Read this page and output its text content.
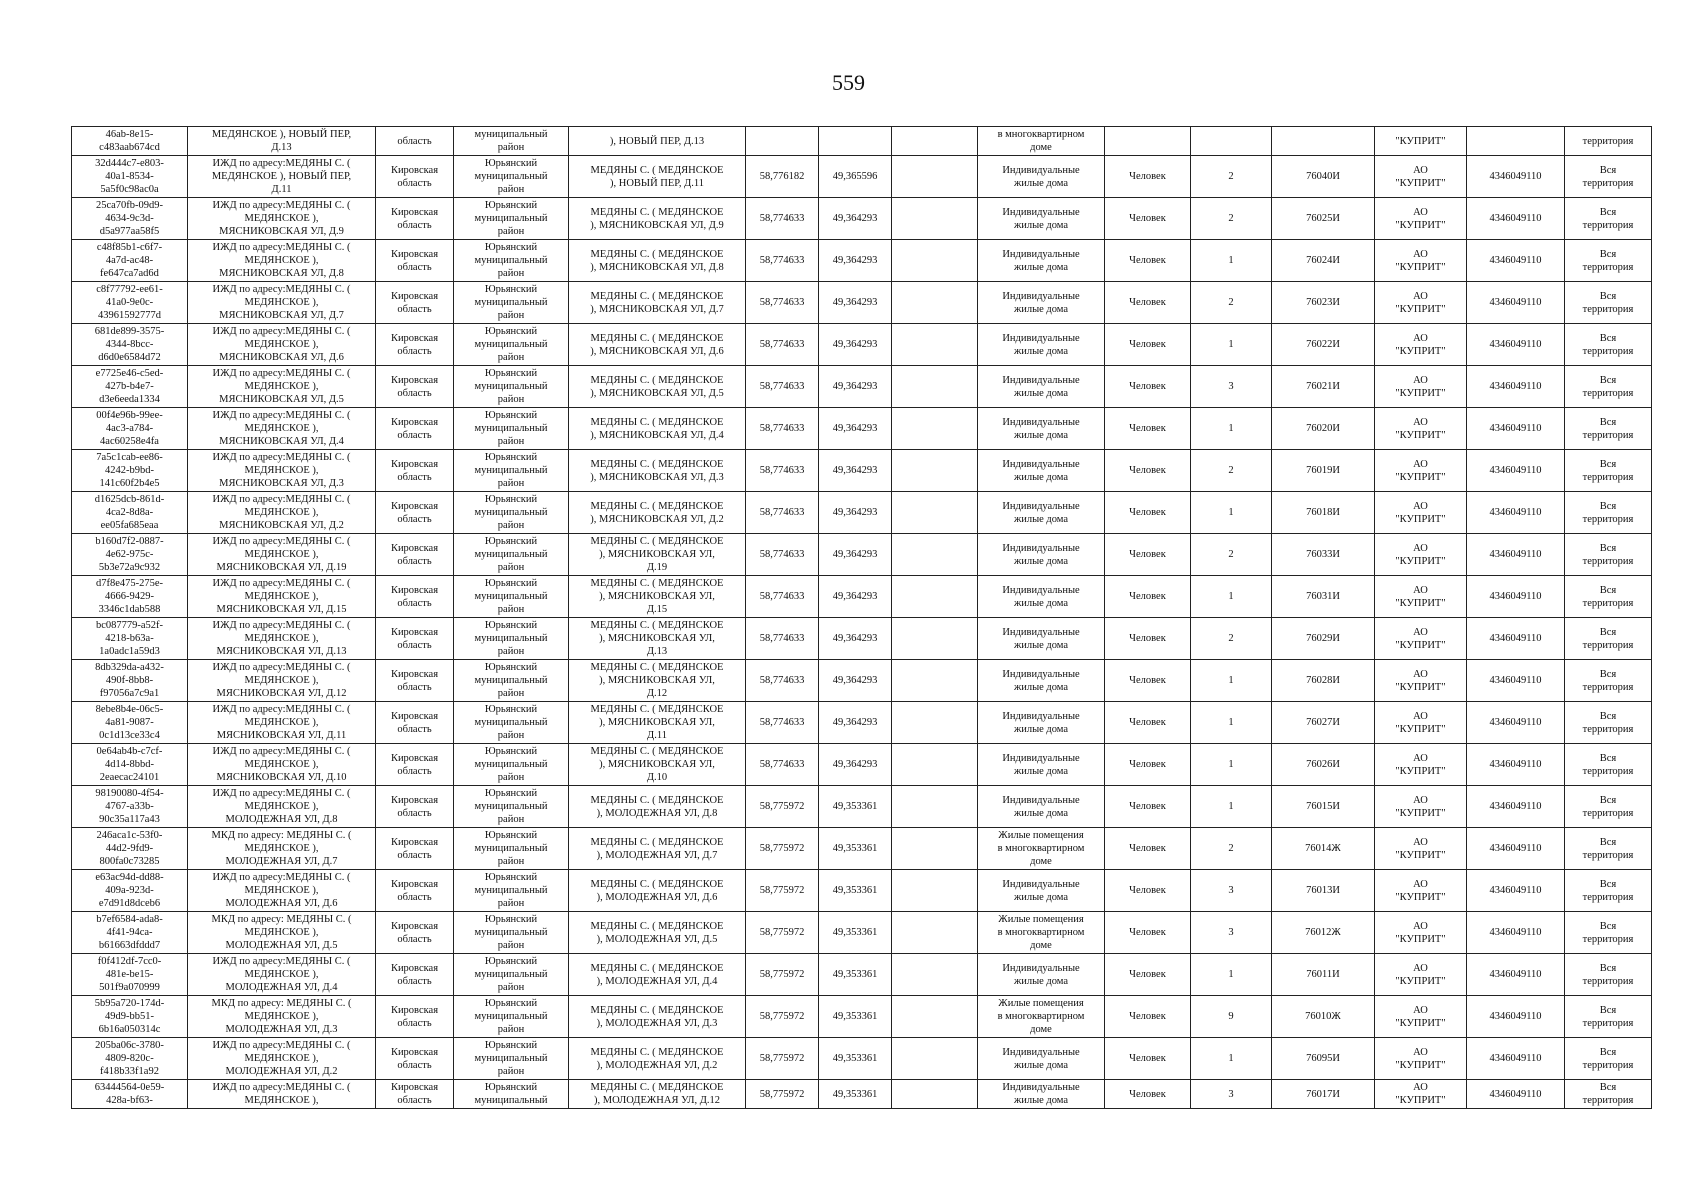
559
46ab-8e15-
c483aab674cd	МЕДЯНСКОЕ ), НОВЫЙ ПЕР,
Д.13	область	муниципальный
район	), НОВЫЙ ПЕР, Д.13				в многоквартирном
доме				"КУПРИТ"		территория
32d444c7-e803-
40a1-8534-
5a5f0c98ac0a	ИЖД по адресу:МЕДЯНЫ С. (
МЕДЯНСКОЕ ), НОВЫЙ ПЕР,
Д.11	Кировская
область	Юрьянский
муниципальный
район	МЕДЯНЫ С. ( МЕДЯНСКОЕ
), НОВЫЙ ПЕР, Д.11	58,776182	49,365596		Индивидуальные
жилые дома	Человек	2	76040И	АО
"КУПРИТ"	4346049110	Вся
территория
25ca70fb-09d9-
4634-9c3d-
d5a977aa58f5	ИЖД по адресу:МЕДЯНЫ С. (
МЕДЯНСКОЕ ),
МЯСНИКОВСКАЯ УЛ, Д.9	Кировская
область	Юрьянский
муниципальный
район	МЕДЯНЫ С. ( МЕДЯНСКОЕ
), МЯСНИКОВСКАЯ УЛ, Д.9	58,774633	49,364293		Индивидуальные
жилые дома	Человек	2	76025И	АО
"КУПРИТ"	4346049110	Вся
территория
c48f85b1-c6f7-
4a7d-ac48-
fe647ca7ad6d	ИЖД по адресу:МЕДЯНЫ С. (
МЕДЯНСКОЕ ),
МЯСНИКОВСКАЯ УЛ, Д.8	Кировская
область	Юрьянский
муниципальный
район	МЕДЯНЫ С. ( МЕДЯНСКОЕ
), МЯСНИКОВСКАЯ УЛ, Д.8	58,774633	49,364293		Индивидуальные
жилые дома	Человек	1	76024И	АО
"КУПРИТ"	4346049110	Вся
территория
c8f77792-ee61-
41a0-9e0c-
43961592777d	ИЖД по адресу:МЕДЯНЫ С. (
МЕДЯНСКОЕ ),
МЯСНИКОВСКАЯ УЛ, Д.7	Кировская
область	Юрьянский
муниципальный
район	МЕДЯНЫ С. ( МЕДЯНСКОЕ
), МЯСНИКОВСКАЯ УЛ, Д.7	58,774633	49,364293		Индивидуальные
жилые дома	Человек	2	76023И	АО
"КУПРИТ"	4346049110	Вся
территория
681de899-3575-
4344-8bcc-
d6d0e6584d72	ИЖД по адресу:МЕДЯНЫ С. (
МЕДЯНСКОЕ ),
МЯСНИКОВСКАЯ УЛ, Д.6	Кировская
область	Юрьянский
муниципальный
район	МЕДЯНЫ С. ( МЕДЯНСКОЕ
), МЯСНИКОВСКАЯ УЛ, Д.6	58,774633	49,364293		Индивидуальные
жилые дома	Человек	1	76022И	АО
"КУПРИТ"	4346049110	Вся
территория
e7725e46-c5ed-
427b-b4e7-
d3e6eeda1334	ИЖД по адресу:МЕДЯНЫ С. (
МЕДЯНСКОЕ ),
МЯСНИКОВСКАЯ УЛ, Д.5	Кировская
область	Юрьянский
муниципальный
район	МЕДЯНЫ С. ( МЕДЯНСКОЕ
), МЯСНИКОВСКАЯ УЛ, Д.5	58,774633	49,364293		Индивидуальные
жилые дома	Человек	3	76021И	АО
"КУПРИТ"	4346049110	Вся
территория
00f4e96b-99ee-
4ac3-a784-
4ac60258e4fa	ИЖД по адресу:МЕДЯНЫ С. (
МЕДЯНСКОЕ ),
МЯСНИКОВСКАЯ УЛ, Д.4	Кировская
область	Юрьянский
муниципальный
район	МЕДЯНЫ С. ( МЕДЯНСКОЕ
), МЯСНИКОВСКАЯ УЛ, Д.4	58,774633	49,364293		Индивидуальные
жилые дома	Человек	1	76020И	АО
"КУПРИТ"	4346049110	Вся
территория
7a5c1cab-ee86-
4242-b9bd-
141c60f2b4e5	ИЖД по адресу:МЕДЯНЫ С. (
МЕДЯНСКОЕ ),
МЯСНИКОВСКАЯ УЛ, Д.3	Кировская
область	Юрьянский
муниципальный
район	МЕДЯНЫ С. ( МЕДЯНСКОЕ
), МЯСНИКОВСКАЯ УЛ, Д.3	58,774633	49,364293		Индивидуальные
жилые дома	Человек	2	76019И	АО
"КУПРИТ"	4346049110	Вся
территория
d1625dcb-861d-
4ca2-8d8a-
ee05fa685eaa	ИЖД по адресу:МЕДЯНЫ С. (
МЕДЯНСКОЕ ),
МЯСНИКОВСКАЯ УЛ, Д.2	Кировская
область	Юрьянский
муниципальный
район	МЕДЯНЫ С. ( МЕДЯНСКОЕ
), МЯСНИКОВСКАЯ УЛ, Д.2	58,774633	49,364293		Индивидуальные
жилые дома	Человек	1	76018И	АО
"КУПРИТ"	4346049110	Вся
территория
b160d7f2-0887-
4e62-975c-
5b3e72a9c932	ИЖД по адресу:МЕДЯНЫ С. (
МЕДЯНСКОЕ ),
МЯСНИКОВСКАЯ УЛ, Д.19	Кировская
область	Юрьянский
муниципальный
район	МЕДЯНЫ С. ( МЕДЯНСКОЕ
), МЯСНИКОВСКАЯ УЛ,
Д.19	58,774633	49,364293		Индивидуальные
жилые дома	Человек	2	76033И	АО
"КУПРИТ"	4346049110	Вся
территория
d7f8e475-275e-
4666-9429-
3346c1dab588	ИЖД по адресу:МЕДЯНЫ С. (
МЕДЯНСКОЕ ),
МЯСНИКОВСКАЯ УЛ, Д.15	Кировская
область	Юрьянский
муниципальный
район	МЕДЯНЫ С. ( МЕДЯНСКОЕ
), МЯСНИКОВСКАЯ УЛ,
Д.15	58,774633	49,364293		Индивидуальные
жилые дома	Человек	1	76031И	АО
"КУПРИТ"	4346049110	Вся
территория
bc087779-a52f-
4218-b63a-
1a0adc1a59d3	ИЖД по адресу:МЕДЯНЫ С. (
МЕДЯНСКОЕ ),
МЯСНИКОВСКАЯ УЛ, Д.13	Кировская
область	Юрьянский
муниципальный
район	МЕДЯНЫ С. ( МЕДЯНСКОЕ
), МЯСНИКОВСКАЯ УЛ,
Д.13	58,774633	49,364293		Индивидуальные
жилые дома	Человек	2	76029И	АО
"КУПРИТ"	4346049110	Вся
территория
8db329da-a432-
490f-8bb8-
f97056a7c9a1	ИЖД по адресу:МЕДЯНЫ С. (
МЕДЯНСКОЕ ),
МЯСНИКОВСКАЯ УЛ, Д.12	Кировская
область	Юрьянский
муниципальный
район	МЕДЯНЫ С. ( МЕДЯНСКОЕ
), МЯСНИКОВСКАЯ УЛ,
Д.12	58,774633	49,364293		Индивидуальные
жилые дома	Человек	1	76028И	АО
"КУПРИТ"	4346049110	Вся
территория
8ebe8b4e-06c5-
4a81-9087-
0c1d13ce33c4	ИЖД по адресу:МЕДЯНЫ С. (
МЕДЯНСКОЕ ),
МЯСНИКОВСКАЯ УЛ, Д.11	Кировская
область	Юрьянский
муниципальный
район	МЕДЯНЫ С. ( МЕДЯНСКОЕ
), МЯСНИКОВСКАЯ УЛ,
Д.11	58,774633	49,364293		Индивидуальные
жилые дома	Человек	1	76027И	АО
"КУПРИТ"	4346049110	Вся
территория
0e64ab4b-c7cf-
4d14-8bbd-
2eaecac24101	ИЖД по адресу:МЕДЯНЫ С. (
МЕДЯНСКОЕ ),
МЯСНИКОВСКАЯ УЛ, Д.10	Кировская
область	Юрьянский
муниципальный
район	МЕДЯНЫ С. ( МЕДЯНСКОЕ
), МЯСНИКОВСКАЯ УЛ,
Д.10	58,774633	49,364293		Индивидуальные
жилые дома	Человек	1	76026И	АО
"КУПРИТ"	4346049110	Вся
территория
98190080-4f54-
4767-a33b-
90c35a117a43	ИЖД по адресу:МЕДЯНЫ С. (
МЕДЯНСКОЕ ),
МОЛОДЕЖНАЯ УЛ, Д.8	Кировская
область	Юрьянский
муниципальный
район	МЕДЯНЫ С. ( МЕДЯНСКОЕ
), МОЛОДЕЖНАЯ УЛ, Д.8	58,775972	49,353361		Индивидуальные
жилые дома	Человек	1	76015И	АО
"КУПРИТ"	4346049110	Вся
территория
246aca1c-53f0-
44d2-9fd9-
800fa0c73285	МКД по адресу: МЕДЯНЫ С. (
МЕДЯНСКОЕ ),
МОЛОДЕЖНАЯ УЛ, Д.7	Кировская
область	Юрьянский
муниципальный
район	МЕДЯНЫ С. ( МЕДЯНСКОЕ
), МОЛОДЕЖНАЯ УЛ, Д.7	58,775972	49,353361		Жилые помещения
в многоквартирном
доме	Человек	2	76014Ж	АО
"КУПРИТ"	4346049110	Вся
территория
e63ac94d-dd88-
409a-923d-
e7d91d8dceb6	ИЖД по адресу:МЕДЯНЫ С. (
МЕДЯНСКОЕ ),
МОЛОДЕЖНАЯ УЛ, Д.6	Кировская
область	Юрьянский
муниципальный
район	МЕДЯНЫ С. ( МЕДЯНСКОЕ
), МОЛОДЕЖНАЯ УЛ, Д.6	58,775972	49,353361		Индивидуальные
жилые дома	Человек	3	76013И	АО
"КУПРИТ"	4346049110	Вся
территория
b7ef6584-ada8-
4f41-94ca-
b61663dfddd7	МКД по адресу: МЕДЯНЫ С. (
МЕДЯНСКОЕ ),
МОЛОДЕЖНАЯ УЛ, Д.5	Кировская
область	Юрьянский
муниципальный
район	МЕДЯНЫ С. ( МЕДЯНСКОЕ
), МОЛОДЕЖНАЯ УЛ, Д.5	58,775972	49,353361		Жилые помещения
в многоквартирном
доме	Человек	3	76012Ж	АО
"КУПРИТ"	4346049110	Вся
территория
f0f412df-7cc0-
481e-be15-
501f9a070999	ИЖД по адресу:МЕДЯНЫ С. (
МЕДЯНСКОЕ ),
МОЛОДЕЖНАЯ УЛ, Д.4	Кировская
область	Юрьянский
муниципальный
район	МЕДЯНЫ С. ( МЕДЯНСКОЕ
), МОЛОДЕЖНАЯ УЛ, Д.4	58,775972	49,353361		Индивидуальные
жилые дома	Человек	1	76011И	АО
"КУПРИТ"	4346049110	Вся
территория
5b95a720-174d-
49d9-bb51-
6b16a050314c	МКД по адресу: МЕДЯНЫ С. (
МЕДЯНСКОЕ ),
МОЛОДЕЖНАЯ УЛ, Д.3	Кировская
область	Юрьянский
муниципальный
район	МЕДЯНЫ С. ( МЕДЯНСКОЕ
), МОЛОДЕЖНАЯ УЛ, Д.3	58,775972	49,353361		Жилые помещения
в многоквартирном
доме	Человек	9	76010Ж	АО
"КУПРИТ"	4346049110	Вся
территория
205ba06c-3780-
4809-820c-
f418b33f1a92	ИЖД по адресу:МЕДЯНЫ С. (
МЕДЯНСКОЕ ),
МОЛОДЕЖНАЯ УЛ, Д.2	Кировская
область	Юрьянский
муниципальный
район	МЕДЯНЫ С. ( МЕДЯНСКОЕ
), МОЛОДЕЖНАЯ УЛ, Д.2	58,775972	49,353361		Индивидуальные
жилые дома	Человек	1	76095И	АО
"КУПРИТ"	4346049110	Вся
территория
63444564-0e59-
428a-bf63-	ИЖД по адресу:МЕДЯНЫ С. (
МЕДЯНСКОЕ ),	Кировская
область	Юрьянский
муниципальный	МЕДЯНЫ С. ( МЕДЯНСКОЕ
), МОЛОДЕЖНАЯ УЛ, Д.12	58,775972	49,353361		Индивидуальные
жилые дома	Человек	3	76017И	АО
"КУПРИТ"	4346049110	Вся
территория
